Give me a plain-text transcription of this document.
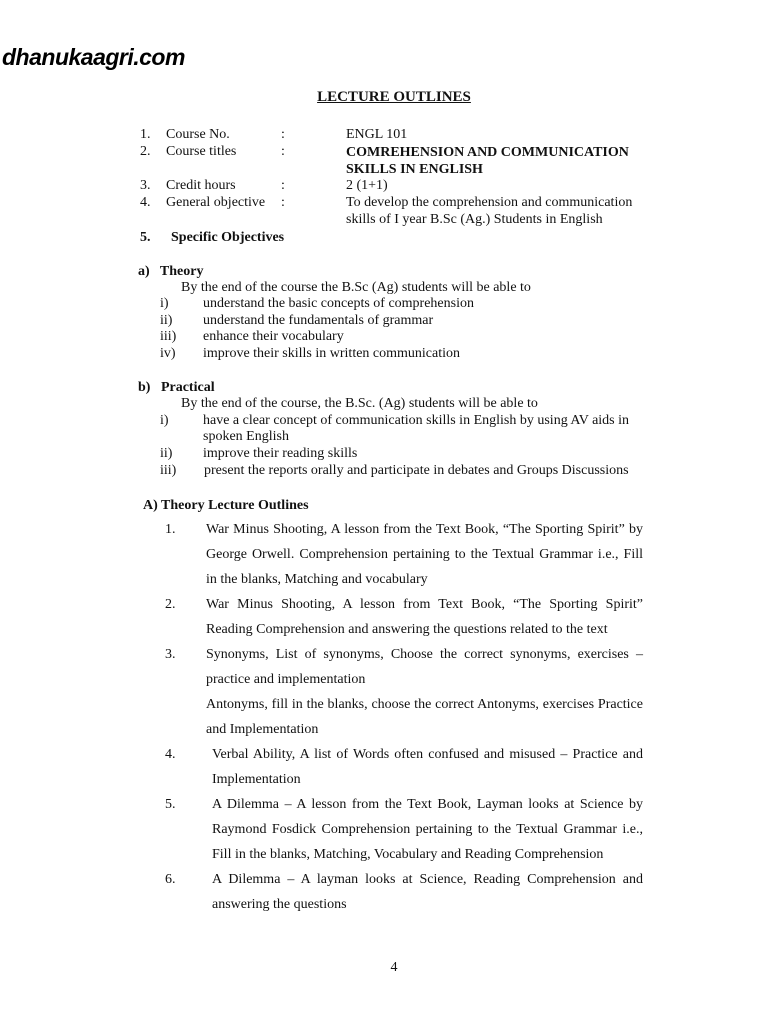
dhanukaagri.com
LECTURE OUTLINES
1. Course No.	:	ENGL 101
2. Course titles	:	COMREHENSION AND COMMUNICATION
SKILLS IN ENGLISH
3. Credit hours	:	2 (1+1)
4. General objective :	To develop the comprehension and communication
skills of I year B.Sc (Ag.) Students in English
5. Specific Objectives
a)   Theory
By the end of the course the B.Sc (Ag) students will be able to
i) understand the basic concepts of comprehension
ii) understand the fundamentals of grammar
iii) enhance their vocabulary
iv) improve their skills in written communication
b)   Practical
By the end of the course, the B.Sc. (Ag) students will be able to
i) have a clear concept of communication skills in English by using AV aids in
spoken English
ii) improve their reading skills
iii) present the reports orally and participate in debates and Groups Discussions
A) Theory Lecture Outlines
1. War Minus Shooting, A lesson from the Text Book, “The Sporting Spirit” by George Orwell. Comprehension pertaining to the Textual Grammar i.e., Fill in the blanks, Matching and vocabulary
2. War Minus Shooting, A lesson from Text Book, “The Sporting Spirit” Reading Comprehension and answering the questions related to the text
3. Synonyms, List of synonyms, Choose the correct synonyms, exercises – practice and implementation
Antonyms, fill in the blanks, choose the correct Antonyms, exercises Practice and Implementation
4.	Verbal Ability, A list of Words often confused and misused – Practice and Implementation
5.	A Dilemma – A lesson from the Text Book, Layman looks at Science by Raymond Fosdick Comprehension pertaining to the Textual Grammar i.e., Fill in the blanks, Matching, Vocabulary and Reading Comprehension
6.	A Dilemma – A layman looks at Science, Reading Comprehension and answering the questions
4
